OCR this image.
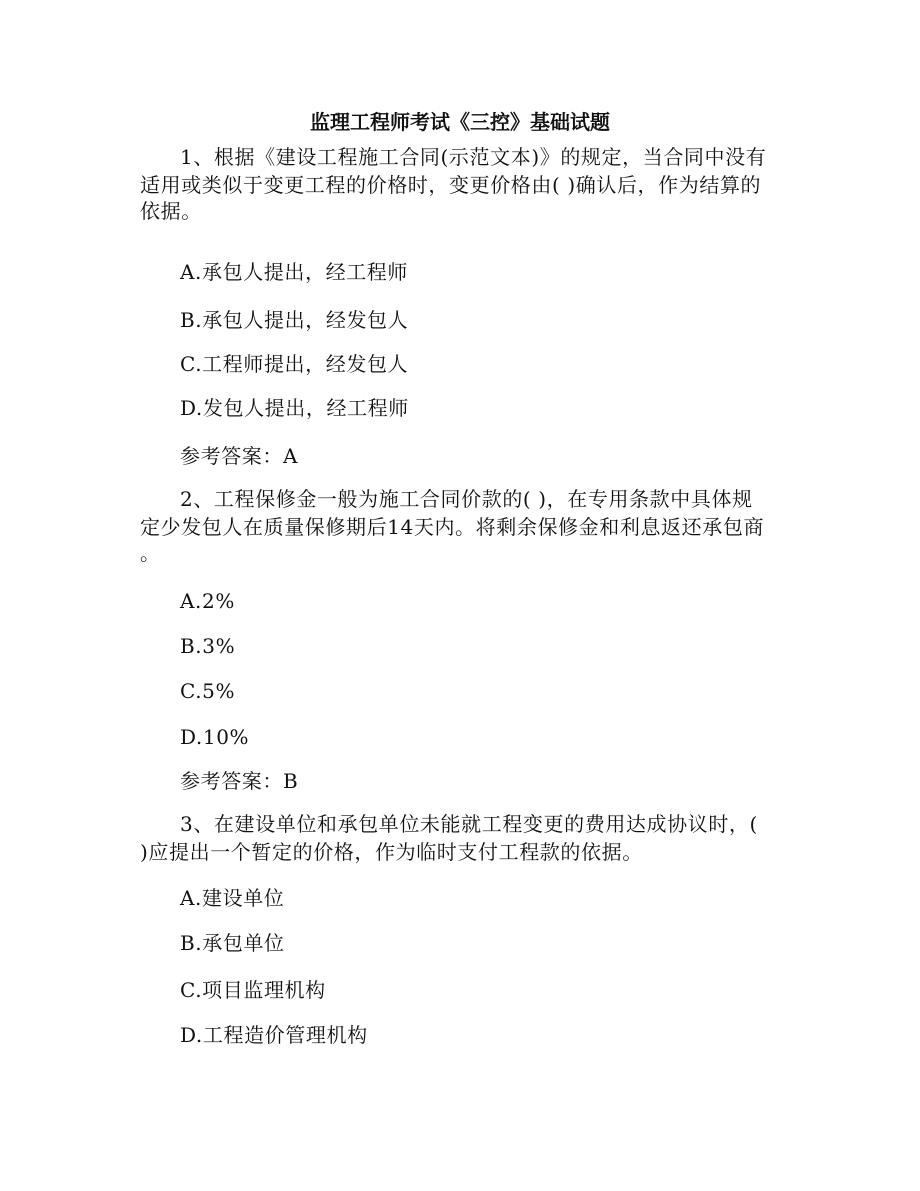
监理工程师考试《三控》基础试题
1、根据《建设工程施工合同(示范文本)》的规定，当合同中没有
适用或类似于变更工程的价格时，变更价格由( )确认后，作为结算的
依据。
A.承包人提出，经工程师
B.承包人提出，经发包人
C.工程师提出，经发包人
D.发包人提出，经工程师
参考答案：A
2、工程保修金一般为施工合同价款的( )，在专用条款中具体规
定少发包人在质量保修期后14天内。将剩余保修金和利息返还承包商
。
A.2%
B.3%
C.5%
D.10%
参考答案：B
3、在建设单位和承包单位未能就工程变更的费用达成协议时，(
)应提出一个暂定的价格，作为临时支付工程款的依据。
A.建设单位
B.承包单位
C.项目监理机构
D.工程造价管理机构
